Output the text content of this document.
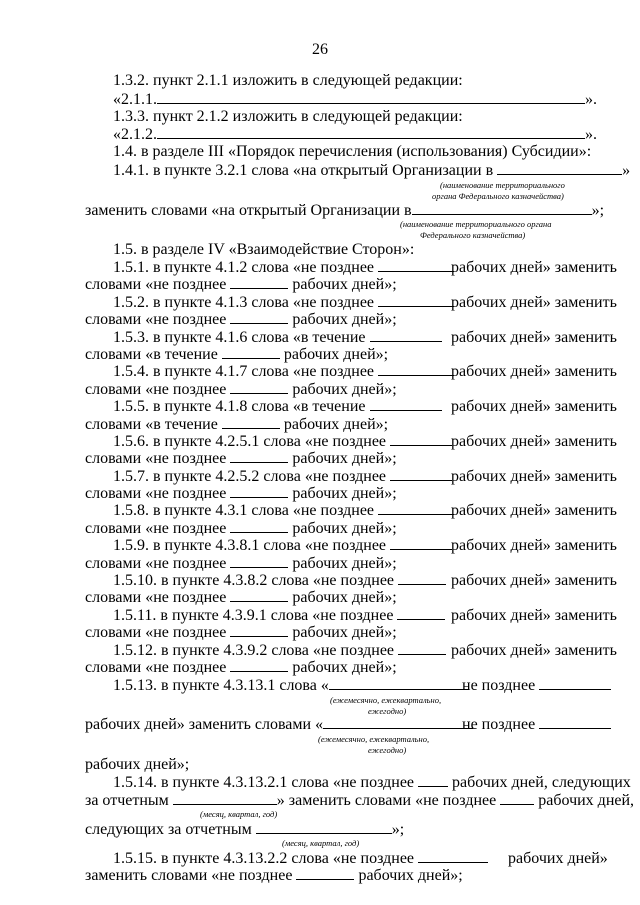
26
1.3.2. пункт 2.1.1 изложить в следующей редакции:
«2.1.1.	».
1.3.3. пункт 2.1.2 изложить в следующей редакции:
«2.1.2.	».
1.4. в разделе III «Порядок перечисления (использования) Субсидии»:
1.4.1. в пункте 3.2.1 слова «на открытый Организации в	»
(наименование территориального
органа Федерального казначейства)
заменить словами «на открытый Организации в	»;
(наименование территориального органа
Федерального казначейства)
1.5. в разделе IV «Взаимодействие Сторон»:
1.5.1. в пункте 4.1.2 слова «не позднее	рабочих дней» заменить
словами «не позднее	рабочих дней»;
1.5.2. в пункте 4.1.3 слова «не позднее	рабочих дней» заменить
словами «не позднее	рабочих дней»;
1.5.3. в пункте 4.1.6 слова «в течение	рабочих дней» заменить
словами «в течение	рабочих дней»;
1.5.4. в пункте 4.1.7 слова «не позднее	рабочих дней» заменить
словами «не позднее	рабочих дней»;
1.5.5. в пункте 4.1.8 слова «в течение	рабочих дней» заменить
словами «в течение	рабочих дней»;
1.5.6. в пункте 4.2.5.1 слова «не позднее	рабочих дней» заменить
словами «не позднее	рабочих дней»;
1.5.7. в пункте 4.2.5.2 слова «не позднее	рабочих дней» заменить
словами «не позднее	рабочих дней»;
1.5.8. в пункте 4.3.1 слова «не позднее	рабочих дней» заменить
словами «не позднее	рабочих дней»;
1.5.9. в пункте 4.3.8.1 слова «не позднее	рабочих дней» заменить
словами «не позднее	рабочих дней»;
1.5.10. в пункте 4.3.8.2 слова «не позднее	рабочих дней» заменить
словами «не позднее	рабочих дней»;
1.5.11. в пункте 4.3.9.1 слова «не позднее	рабочих дней» заменить
словами «не позднее	рабочих дней»;
1.5.12. в пункте 4.3.9.2 слова «не позднее	рабочих дней» заменить
словами «не позднее	рабочих дней»;
1.5.13. в пункте 4.3.13.1 слова «	не позднее
(ежемесячно, ежеквартально,
ежегодно)
рабочих дней» заменить словами «	не позднее
(ежемесячно, ежеквартально,
ежегодно)
рабочих дней»;
1.5.14. в пункте 4.3.13.2.1 слова «не позднее рабочих дней, следующих
за отчетным	» заменить словами «не позднее	рабочих дней,
(месяц, квартал, год)
следующих за отчетным	»;
(месяц, квартал, год)
1.5.15. в пункте 4.3.13.2.2 слова «не позднее	рабочих дней»
заменить словами «не позднее	рабочих дней»;
